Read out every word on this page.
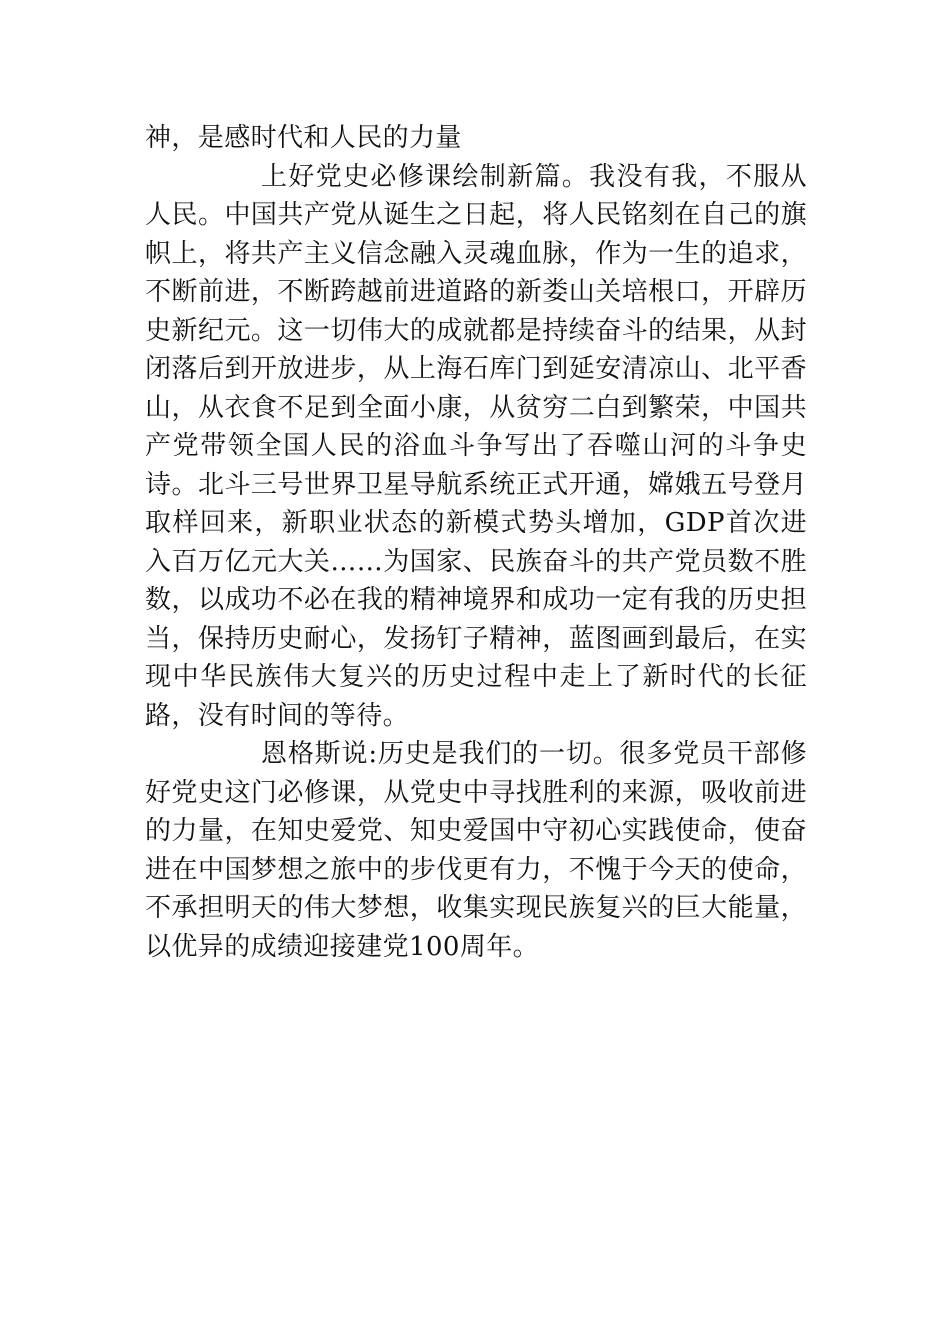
神，是感时代和人民的力量

上好党史必修课绘制新篇。我没有我，不服从人民。中国共产党从诞生之日起，将人民铭刻在自己的旗帜上，将共产主义信念融入灵魂血脉，作为一生的追求，不断前进，不断跨越前进道路的新娄山关培根口，开辟历史新纪元。这一切伟大的成就都是持续奋斗的结果，从封闭落后到开放进步，从上海石库门到延安清凉山、北平香山，从衣食不足到全面小康，从贫穷二白到繁荣，中国共产党带领全国人民的浴血斗争写出了吞噬山河的斗争史诗。北斗三号世界卫星导航系统正式开通，嫦娥五号登月取样回来，新职业状态的新模式势头增加，GDP首次进入百万亿元大关……为国家、民族奋斗的共产党员数不胜数，以成功不必在我的精神境界和成功一定有我的历史担当，保持历史耐心，发扬钉子精神，蓝图画到最后，在实现中华民族伟大复兴的历史过程中走上了新时代的长征路，没有时间的等待。

恩格斯说:历史是我们的一切。很多党员干部修好党史这门必修课，从党史中寻找胜利的来源，吸收前进的力量，在知史爱党、知史爱国中守初心实践使命，使奋进在中国梦想之旅中的步伐更有力，不愧于今天的使命，不承担明天的伟大梦想，收集实现民族复兴的巨大能量，以优异的成绩迎接建党100周年。
